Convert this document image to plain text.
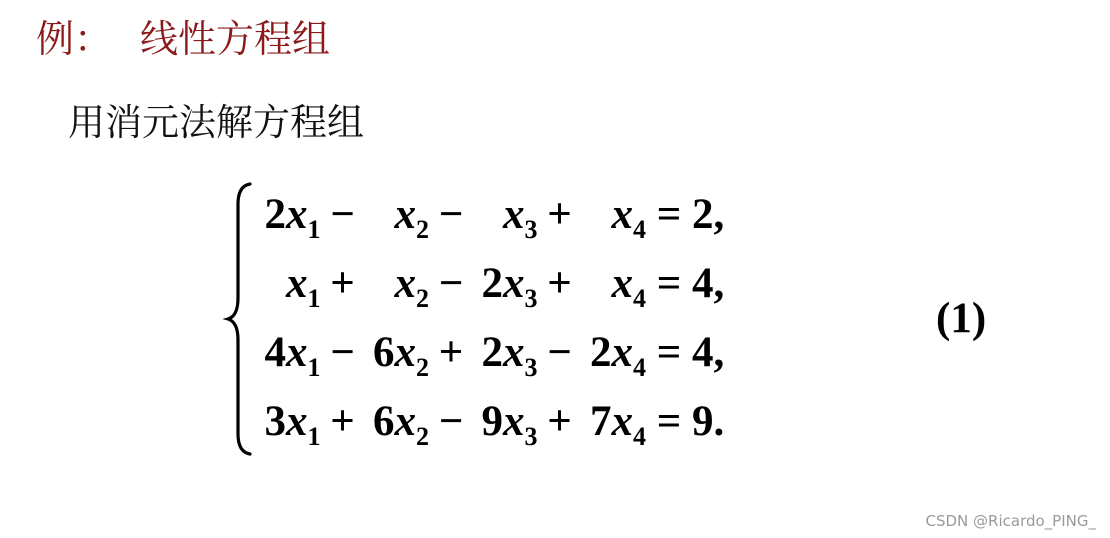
例： 线性方程组
用消元法解方程组
2 $x_1 - x_2 - x_3 + x_4 = 2$,
$x_1 + x_2 - 2$ $x_3 + x_4 = 4$,
4 $x_1 - 6$ $x_2 + 2$ $x_3 - 2$ $x_4 = 4$,
3 $x_1 + 6$ $x_2 - 9$ $x_3 + 7$ $x_4 = 9$.
(1)
CSDN @Ricardo_PING_
